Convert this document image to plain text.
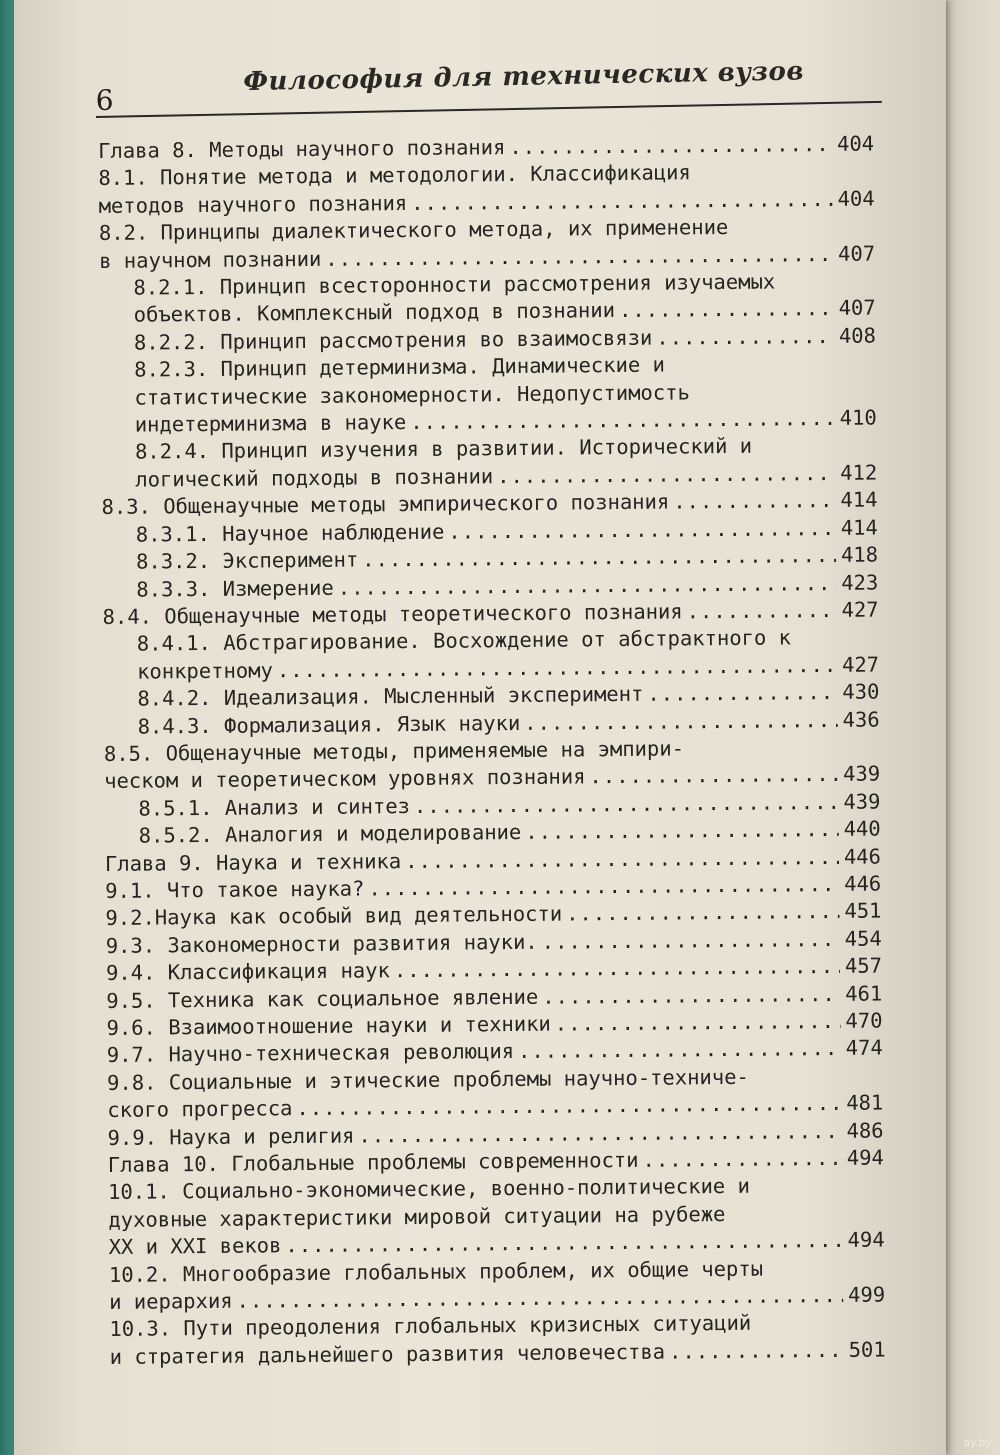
6
Философия для технических вузов
Глава 8. Методы научного познания .....	404
8.1. Понятие метода и методологии. Классификация
методов научного познания .....	404
8.2. Принципы диалектического метода, их применение
в научном познании .....	407
8.2.1. Принцип всесторонности рассмотрения изучаемых
объектов. Комплексный подход в познании .....	407
8.2.2. Принцип рассмотрения во взаимосвязи .....	408
8.2.3. Принцип детерминизма. Динамические и
статистические закономерности. Недопустимость
индетерминизма в науке .....	410
8.2.4. Принцип изучения в развитии. Исторический и
логический подходы в познании .....	412
8.3. Общенаучные методы эмпирического познания .....	414
8.3.1. Научное наблюдение .....	414
8.3.2. Эксперимент .....	418
8.3.3. Измерение .....	423
8.4. Общенаучные методы теоретического познания .....	427
8.4.1. Абстрагирование. Восхождение от абстрактного к
конкретному .....	427
8.4.2. Идеализация. Мысленный эксперимент .....	430
8.4.3. Формализация. Язык науки .....	436
8.5. Общенаучные методы, применяемые на эмпири-
ческом и теоретическом уровнях познания .....	439
8.5.1. Анализ и синтез .....	439
8.5.2. Аналогия и моделирование .....	440
Глава 9. Наука и техника .....	446
9.1. Что такое наука? .....	446
9.2.Наука как особый вид деятельности .....	451
9.3. Закономерности развития науки. .....	454
9.4. Классификация наук .....	457
9.5. Техника как социальное явление .....	461
9.6. Взаимоотношение науки и техники .....	470
9.7. Научно-техническая революция .....	474
9.8. Социальные и этические проблемы научно-техниче-
ского прогресса .....	481
9.9. Наука и религия .....	486
Глава 10. Глобальные проблемы современности .....	494
10.1. Социально-экономические, военно-политические и
духовные характеристики мировой ситуации на рубеже
XX и XXI веков .....	494
10.2. Многообразие глобальных проблем, их общие черты
и иерархия .....	499
10.3. Пути преодоления глобальных кризисных ситуаций
и стратегия дальнейшего развития человечества .....	501
ay.by
